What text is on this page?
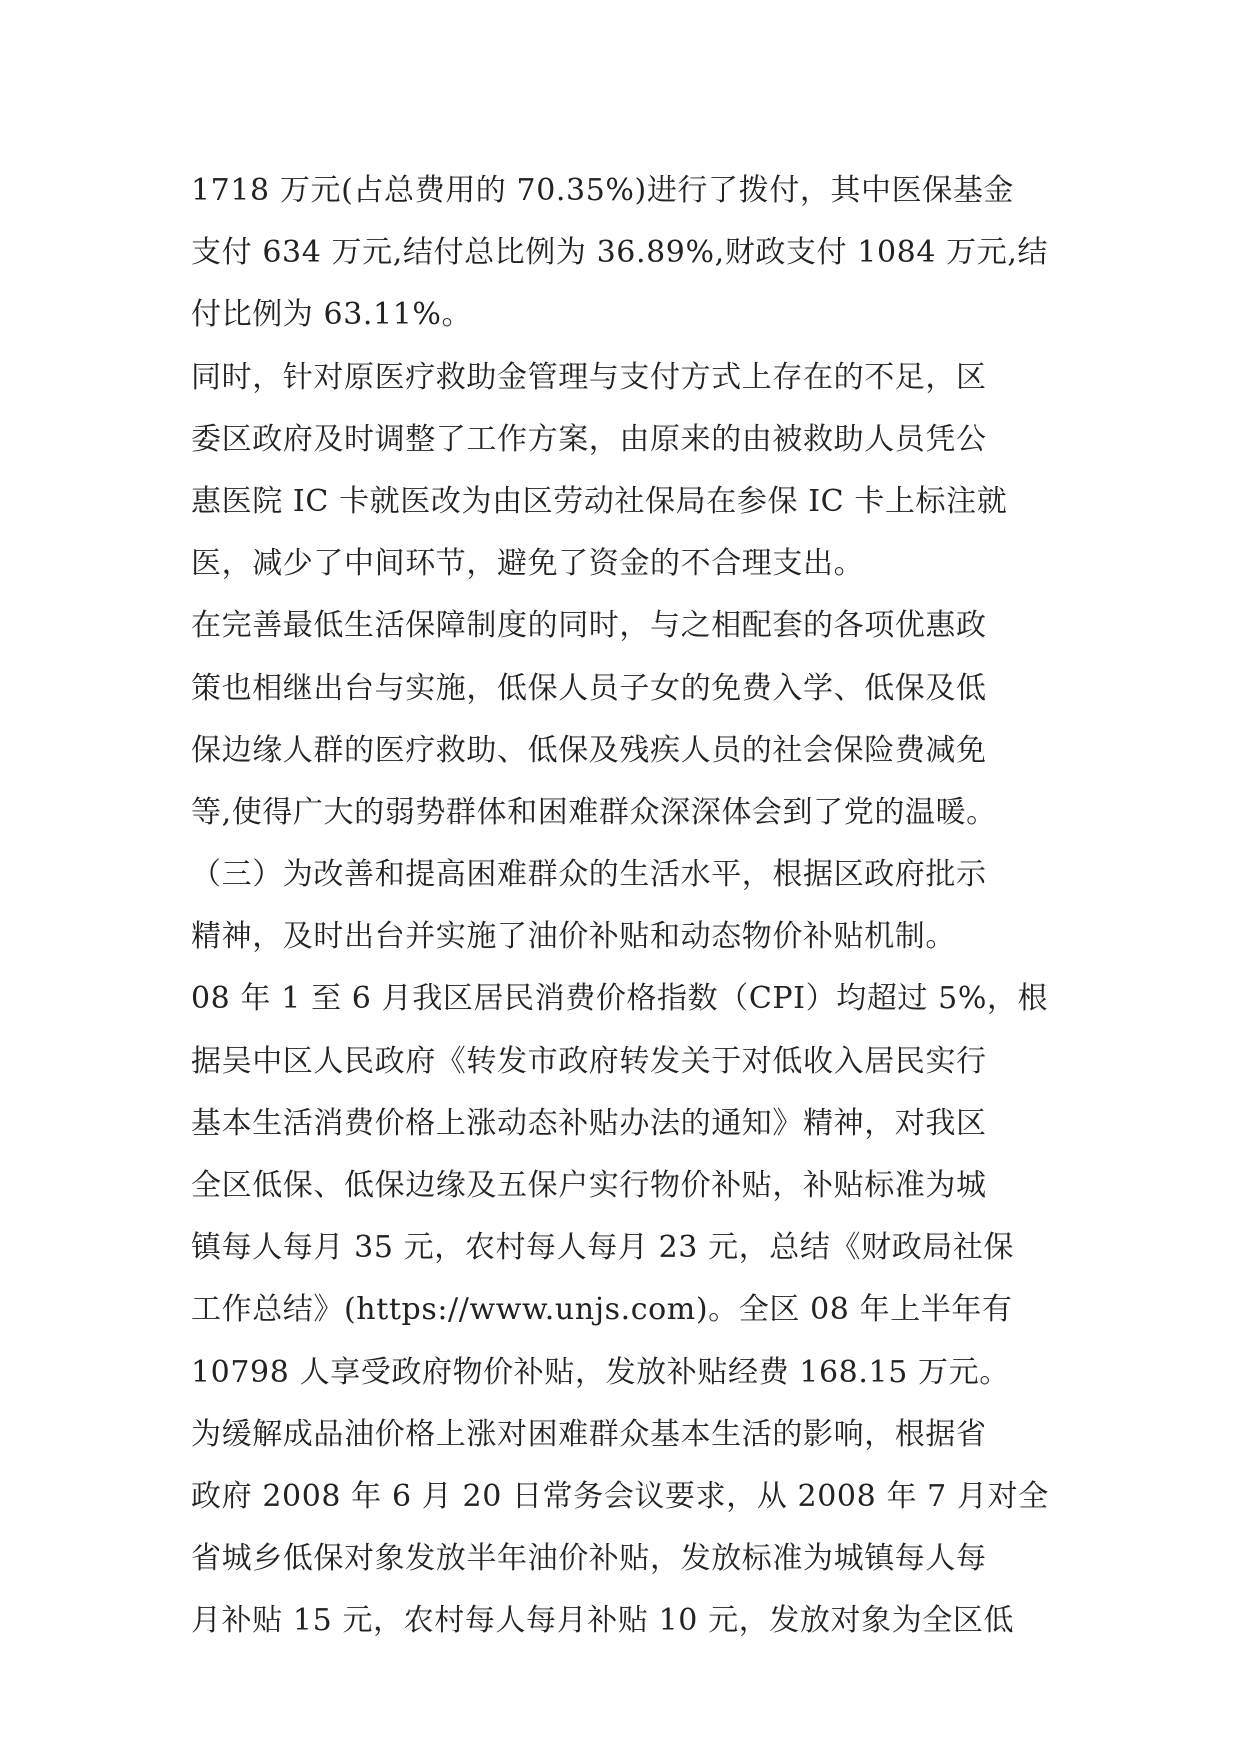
1718 万元(占总费用的 70.35%)进行了拨付，其中医保基金
支付 634 万元,结付总比例为 36.89%,财政支付 1084 万元,结
付比例为 63.11%。
同时，针对原医疗救助金管理与支付方式上存在的不足，区
委区政府及时调整了工作方案，由原来的由被救助人员凭公
惠医院 IC 卡就医改为由区劳动社保局在参保 IC 卡上标注就
医，减少了中间环节，避免了资金的不合理支出。
在完善最低生活保障制度的同时，与之相配套的各项优惠政
策也相继出台与实施，低保人员子女的免费入学、低保及低
保边缘人群的医疗救助、低保及残疾人员的社会保险费减免
等,使得广大的弱势群体和困难群众深深体会到了党的温暖。
（三）为改善和提高困难群众的生活水平，根据区政府批示
精神，及时出台并实施了油价补贴和动态物价补贴机制。
08 年 1 至 6 月我区居民消费价格指数（CPI）均超过 5%，根
据吴中区人民政府《转发市政府转发关于对低收入居民实行
基本生活消费价格上涨动态补贴办法的通知》精神，对我区
全区低保、低保边缘及五保户实行物价补贴，补贴标准为城
镇每人每月 35 元，农村每人每月 23 元，总结《财政局社保
工作总结》(https://www.unjs.com)。全区 08 年上半年有
10798 人享受政府物价补贴，发放补贴经费 168.15 万元。
为缓解成品油价格上涨对困难群众基本生活的影响，根据省
政府 2008 年 6 月 20 日常务会议要求，从 2008 年 7 月对全
省城乡低保对象发放半年油价补贴，发放标准为城镇每人每
月补贴 15 元，农村每人每月补贴 10 元，发放对象为全区低
